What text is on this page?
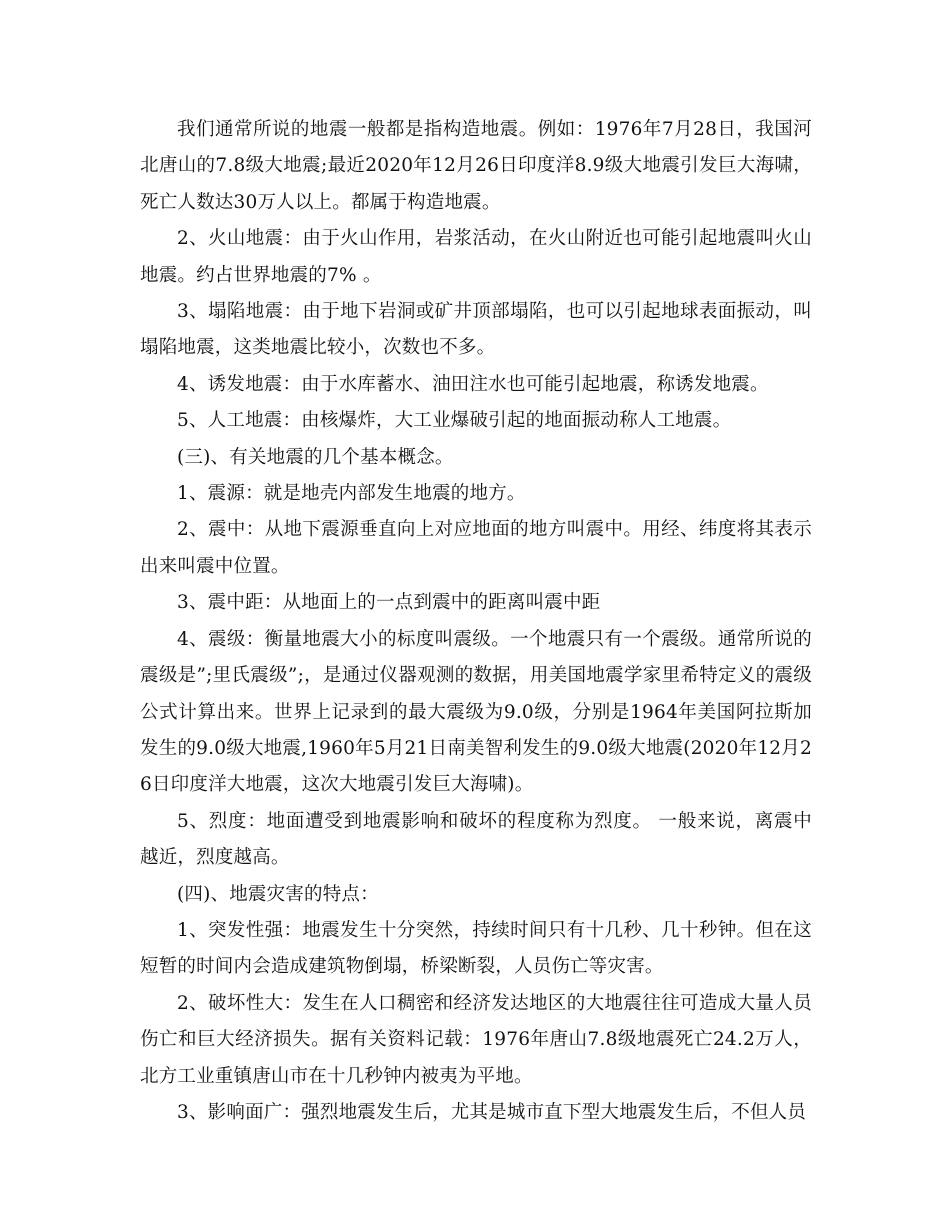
我们通常所说的地震一般都是指构造地震。例如：1976年7月28日，我国河北唐山的7.8级大地震;最近2020年12月26日印度洋8.9级大地震引发巨大海啸，死亡人数达30万人以上。都属于构造地震。

2、火山地震：由于火山作用，岩浆活动，在火山附近也可能引起地震叫火山地震。约占世界地震的7% 。

3、塌陷地震：由于地下岩洞或矿井顶部塌陷，也可以引起地球表面振动，叫塌陷地震，这类地震比较小，次数也不多。

4、诱发地震：由于水库蓄水、油田注水也可能引起地震，称诱发地震。

5、人工地震：由核爆炸，大工业爆破引起的地面振动称人工地震。

(三)、有关地震的几个基本概念。

1、震源：就是地壳内部发生地震的地方。

2、震中：从地下震源垂直向上对应地面的地方叫震中。用经、纬度将其表示出来叫震中位置。

3、震中距：从地面上的一点到震中的距离叫震中距

4、震级：衡量地震大小的标度叫震级。一个地震只有一个震级。通常所说的震级是”;里氏震级”;，是通过仪器观测的数据，用美国地震学家里希特定义的震级公式计算出来。世界上记录到的最大震级为9.0级，分别是1964年美国阿拉斯加发生的9.0级大地震,1960年5月21日南美智利发生的9.0级大地震(2020年12月26日印度洋大地震，这次大地震引发巨大海啸)。

5、烈度：地面遭受到地震影响和破坏的程度称为烈度。 一般来说，离震中越近，烈度越高。

(四)、地震灾害的特点：

1、突发性强：地震发生十分突然，持续时间只有十几秒、几十秒钟。但在这短暂的时间内会造成建筑物倒塌，桥梁断裂，人员伤亡等灾害。

2、破坏性大：发生在人口稠密和经济发达地区的大地震往往可造成大量人员伤亡和巨大经济损失。据有关资料记载：1976年唐山7.8级地震死亡24.2万人，北方工业重镇唐山市在十几秒钟内被夷为平地。

3、影响面广：强烈地震发生后，尤其是城市直下型大地震发生后，不但人员
